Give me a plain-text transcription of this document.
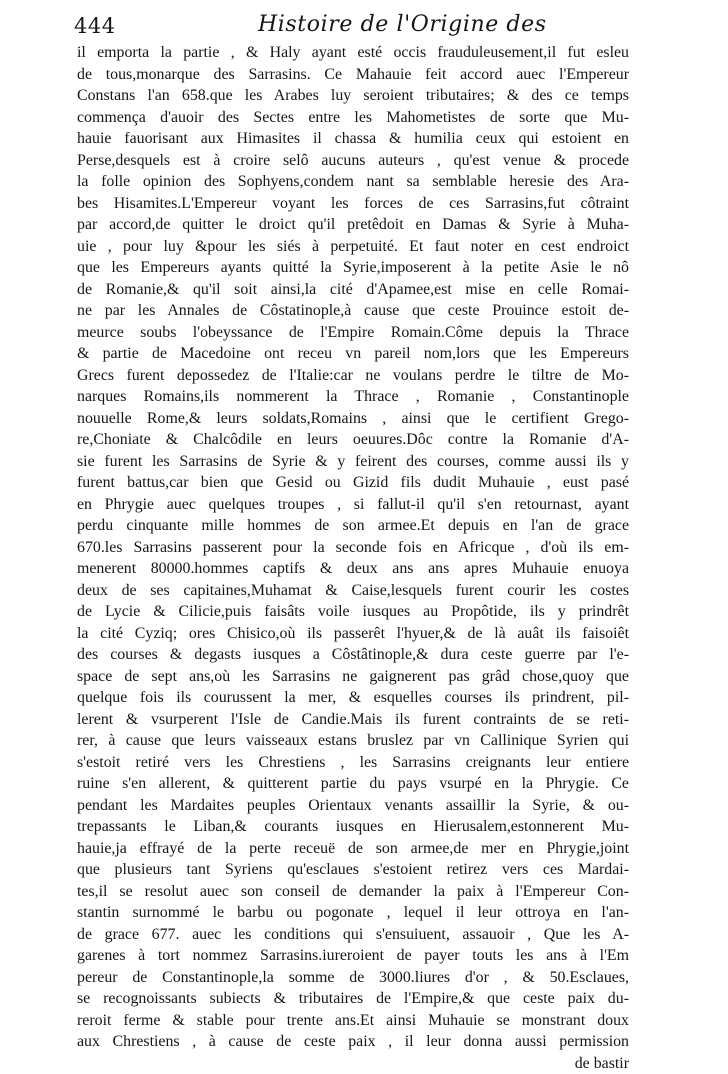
444	Histoire de l'Origine des
il emporta la partie , & Haly ayant esté occis frauduleusement,il fut esleu
de tous,monarque des Sarrasins. Ce Mahauie feit accord auec l'Empereur
Constans l'an 658.que les Arabes luy seroient tributaires; & des ce temps
commença d'auoir des Sectes entre les Mahometistes de sorte que Mu-
hauie fauorisant aux Himasites il chassa & humilia ceux qui estoient en
Perse,desquels est à croire selô aucuns auteurs , qu'est venue & procede
la folle opinion des Sophyens,condem nant sa semblable heresie des Ara-
bes Hisamites.L'Empereur voyant les forces de ces Sarrasins,fut côtraint
par accord,de quitter le droict qu'il pretêdoit en Damas & Syrie à Muha-
uie , pour luy &pour les siés à perpetuité. Et faut noter en cest endroict
que les Empereurs ayants quitté la Syrie,imposerent à la petite Asie le nô
de Romanie,& qu'il soit ainsi,la cité d'Apamee,est mise en celle Romai-
ne par les Annales de Côstatinople,à cause que ceste Prouince estoit de-
meurce soubs l'obeyssance de l'Empire Romain.Côme depuis la Thrace
& partie de Macedoine ont receu vn pareil nom,lors que les Empereurs
Grecs furent depossedez de l'Italie:car ne voulans perdre le tiltre de Mo-
narques Romains,ils nommerent la Thrace , Romanie , Constantinople
nouuelle Rome,& leurs soldats,Romains , ainsi que le certifient Grego-
re,Choniate & Chalcôdile en leurs oeuures.Dôc contre la Romanie d'A-
sie furent les Sarrasins de Syrie & y feirent des courses, comme aussi ils y
furent battus,car bien que Gesid ou Gizid fils dudit Muhauie , eust pasé
en Phrygie auec quelques troupes , si fallut-il qu'il s'en retournast, ayant
perdu cinquante mille hommes de son armee.Et depuis en l'an de grace
670.les Sarrasins passerent pour la seconde fois en Africque , d'où ils em-
menerent 80000.hommes captifs & deux ans ans apres Muhauie enuoya
deux de ses capitaines,Muhamat & Caise,lesquels furent courir les costes
de Lycie & Cilicie,puis faisâts voile iusques au Propôtide, ils y prindrêt
la cité Cyziq; ores Chisico,où ils passerêt l'hyuer,& de là auât ils faisoiêt
des courses & degasts iusques a Côstâtinople,& dura ceste guerre par l'e-
space de sept ans,où les Sarrasins ne gaignerent pas grâd chose,quoy que
quelque fois ils courussent la mer, & esquelles courses ils prindrent, pil-
lerent & vsurperent l'Isle de Candie.Mais ils furent contraints de se reti-
rer, à cause que leurs vaisseaux estans bruslez par vn Callinique Syrien qui
s'estoit retiré vers les Chrestiens , les Sarrasins creignants leur entiere
ruine s'en allerent, & quitterent partie du pays vsurpé en la Phrygie. Ce
pendant les Mardaites peuples Orientaux venants assaillir la Syrie, & ou-
trepassants le Liban,& courants iusques en Hierusalem,estonnerent Mu-
hauie,ja effrayé de la perte receuë de son armee,de mer en Phrygie,joint
que plusieurs tant Syriens qu'esclaues s'estoient retirez vers ces Mardai-
tes,il se resolut auec son conseil de demander la paix à l'Empereur Con-
stantin surnommé le barbu ou pogonate , lequel il leur ottroya en l'an-
de grace 677. auec les conditions qui s'ensuiuent, assauoir , Que les A-
garenes à tort nommez Sarrasins.iureroient de payer touts les ans à l'Em
pereur de Constantinople,la somme de 3000.liures d'or , & 50.Esclaues,
se recognoissants subiects & tributaires de l'Empire,& que ceste paix du-
reroit ferme & stable pour trente ans.Et ainsi Muhauie se monstrant doux
aux Chrestiens , à cause de ceste paix , il leur donna aussi permission
de bastir
